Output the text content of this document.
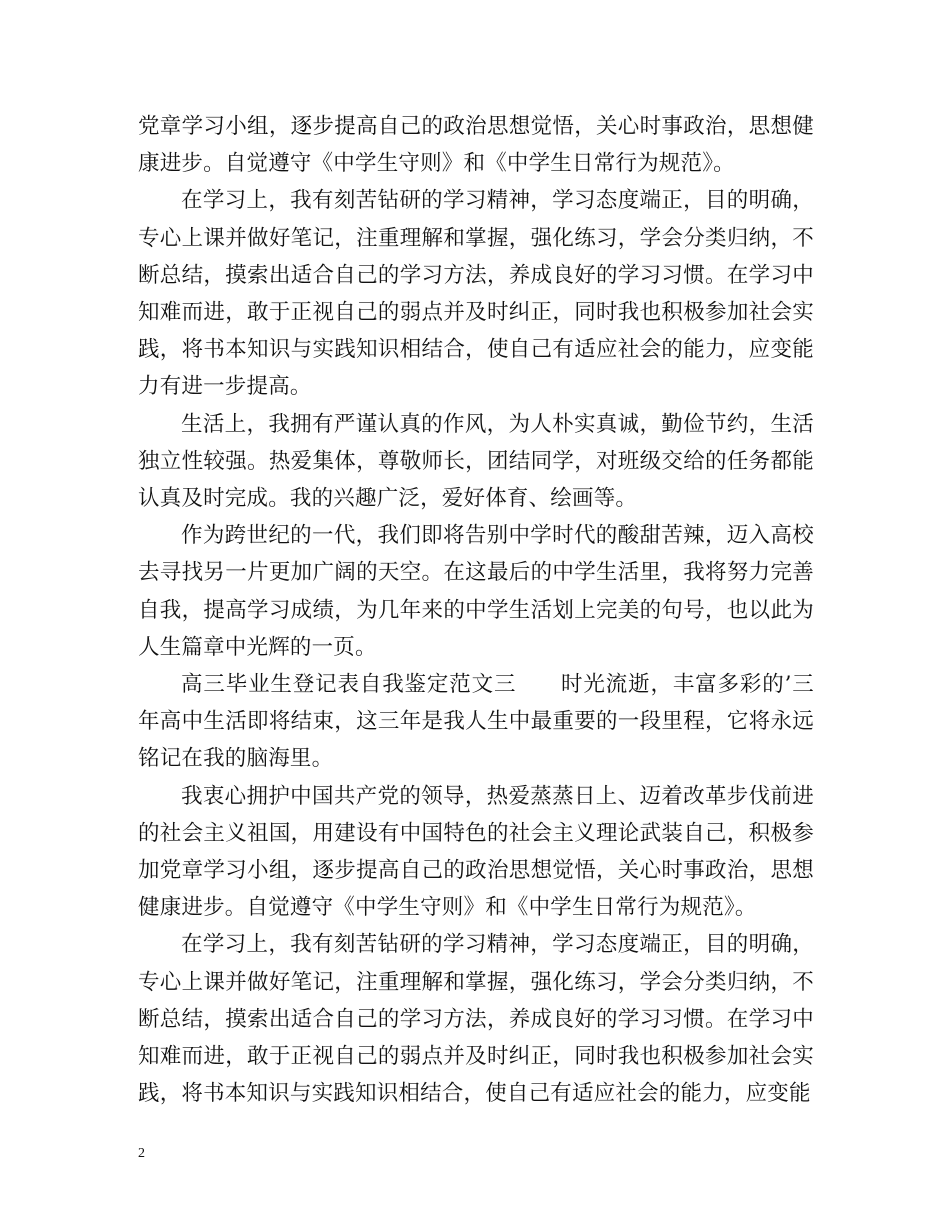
党章学习小组，逐步提高自己的政治思想觉悟，关心时事政治，思想健康进步。自觉遵守《中学生守则》和《中学生日常行为规范》。

在学习上，我有刻苦钻研的学习精神，学习态度端正，目的明确，专心上课并做好笔记，注重理解和掌握，强化练习，学会分类归纳，不断总结，摸索出适合自己的学习方法，养成良好的学习习惯。在学习中知难而进，敢于正视自己的弱点并及时纠正，同时我也积极参加社会实践，将书本知识与实践知识相结合，使自己有适应社会的能力，应变能力有进一步提高。

生活上，我拥有严谨认真的作风，为人朴实真诚，勤俭节约，生活独立性较强。热爱集体，尊敬师长，团结同学，对班级交给的任务都能认真及时完成。我的兴趣广泛，爱好体育、绘画等。

作为跨世纪的一代，我们即将告别中学时代的酸甜苦辣，迈入高校去寻找另一片更加广阔的天空。在这最后的中学生活里，我将努力完善自我，提高学习成绩，为几年来的中学生活划上完美的句号，也以此为人生篇章中光辉的一页。

高三毕业生登记表自我鉴定范文三　　时光流逝，丰富多彩的’三年高中生活即将结束，这三年是我人生中最重要的一段里程，它将永远铭记在我的脑海里。

我衷心拥护中国共产党的领导，热爱蒸蒸日上、迈着改革步伐前进的社会主义祖国，用建设有中国特色的社会主义理论武装自己，积极参加党章学习小组，逐步提高自己的政治思想觉悟，关心时事政治，思想健康进步。自觉遵守《中学生守则》和《中学生日常行为规范》。

在学习上，我有刻苦钻研的学习精神，学习态度端正，目的明确，专心上课并做好笔记，注重理解和掌握，强化练习，学会分类归纳，不断总结，摸索出适合自己的学习方法，养成良好的学习习惯。在学习中知难而进，敢于正视自己的弱点并及时纠正，同时我也积极参加社会实践，将书本知识与实践知识相结合，使自己有适应社会的能力，应变能

2
